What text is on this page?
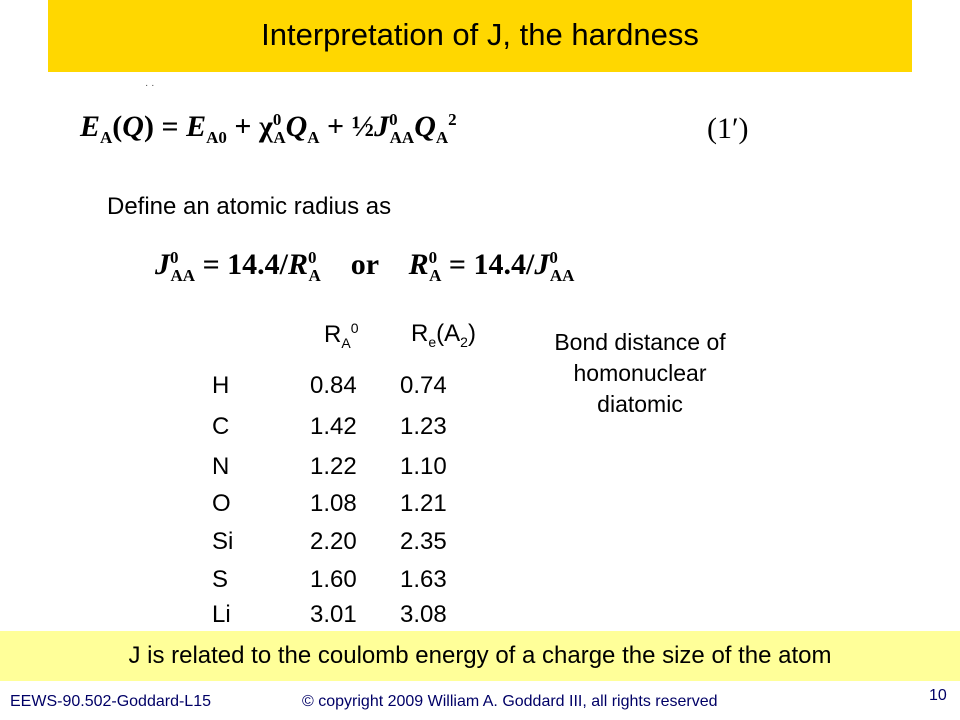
Interpretation of J, the hardness
· ·
$E_A(Q) = E_{A0} + \chi^0_AQ_A$ + $\frac{1}{2}J^0_{AA}Q_A^2$	(1′)
Define an atomic radius as
$J^0_{AA} = 14.4/R^0_A$    or    $R^0_A = 14.4/J^0_{AA}$
$R_A^0$ $R_e(A_2)$	Bond distance of
homonuclear
diatomic
H	0.84 0.74
C	1.42 1.23
N	1.22 1.10
O	1.08 1.21
Si	2.20 2.35
S	1.60 1.63
Li	3.01 3.08
J is related to the coulomb energy of a charge the size of the atom
EEWS-90.502-Goddard-L15	© copyright 2009 William A. Goddard III, all rights reserved	10
